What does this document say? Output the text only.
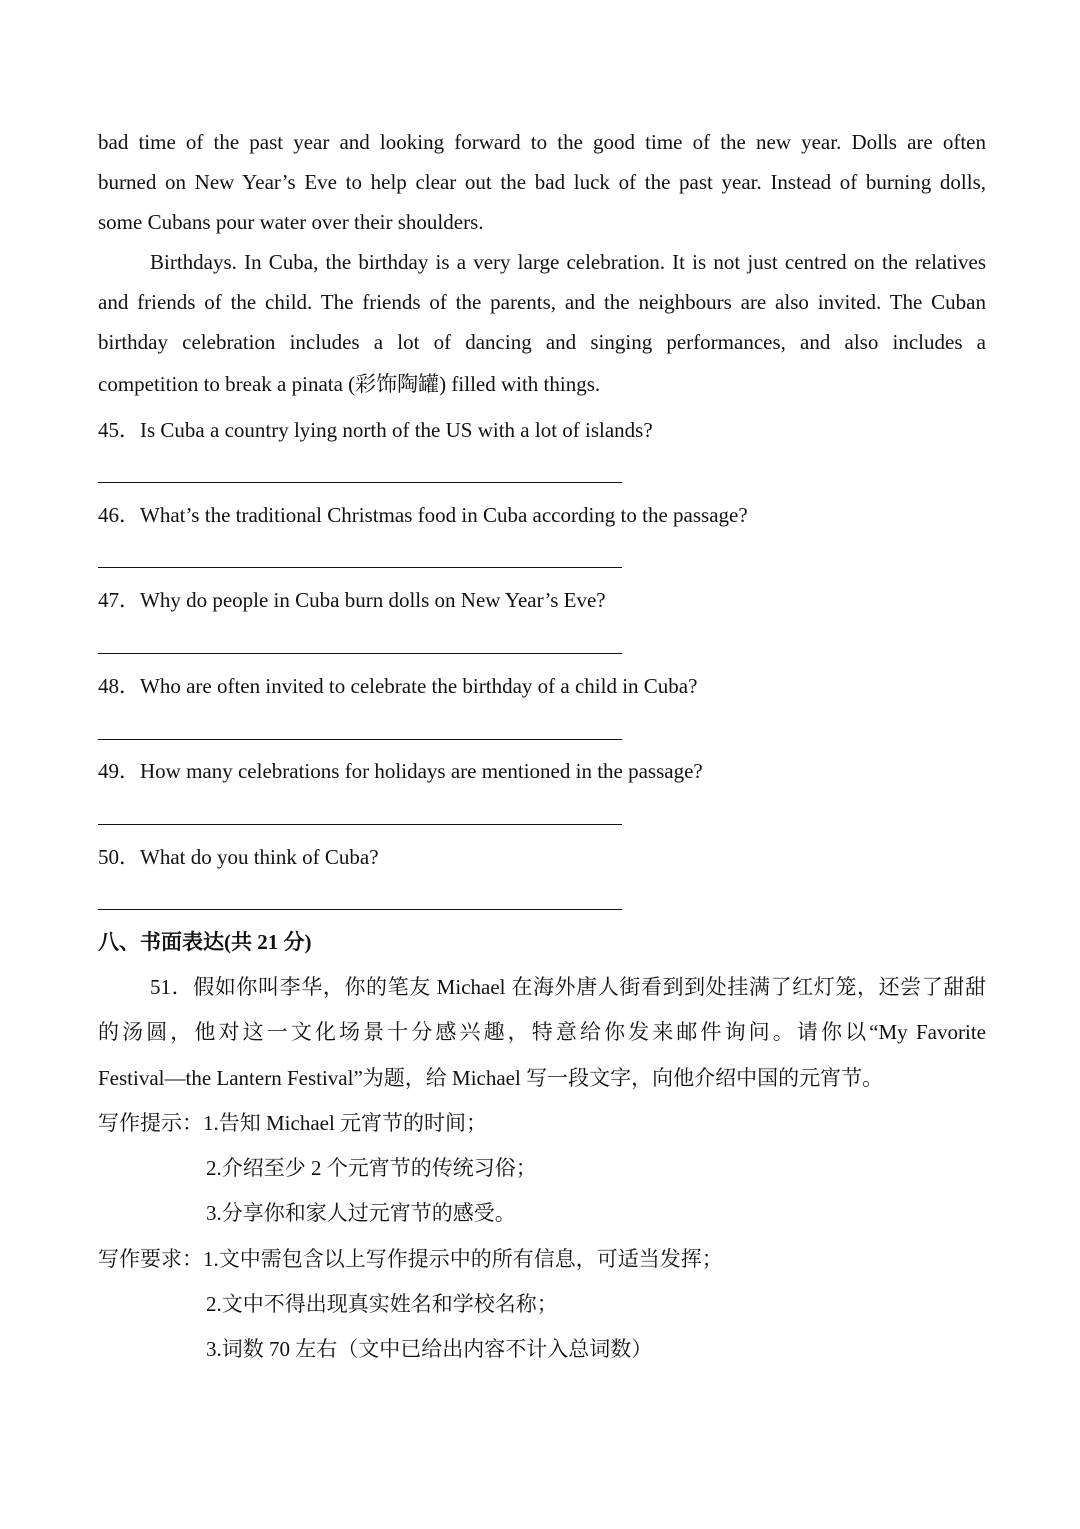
bad time of the past year and looking forward to the good time of the new year. Dolls are often
burned on New Year’s Eve to help clear out the bad luck of the past year. Instead of burning dolls,
some Cubans pour water over their shoulders.
Birthdays. In Cuba, the birthday is a very large celebration. It is not just centred on the relatives
and friends of the child. The friends of the parents, and the neighbours are also invited. The Cuban
birthday celebration includes a lot of dancing and singing performances, and also includes a
competition to break a pinata (彩饰陶罐) filled with things.
45．Is Cuba a country lying north of the US with a lot of islands?
46．What’s the traditional Christmas food in Cuba according to the passage?
47．Why do people in Cuba burn dolls on New Year’s Eve?
48．Who are often invited to celebrate the birthday of a child in Cuba?
49．How many celebrations for holidays are mentioned in the passage?
50．What do you think of Cuba?
八、书面表达(共 21 分)
51．假如你叫李华，你的笔友 Michael 在海外唐人街看到到处挂满了红灯笼，还尝了甜甜
的汤圆，他对这一文化场景十分感兴趣，特意给你发来邮件询问。请你以“My Favorite
Festival—the Lantern Festival”为题，给 Michael 写一段文字，向他介绍中国的元宵节。
写作提示：1.告知 Michael 元宵节的时间；
2.介绍至少 2 个元宵节的传统习俗；
3.分享你和家人过元宵节的感受。
写作要求：1.文中需包含以上写作提示中的所有信息，可适当发挥；
2.文中不得出现真实姓名和学校名称；
3.词数 70 左右（文中已给出内容不计入总词数）
